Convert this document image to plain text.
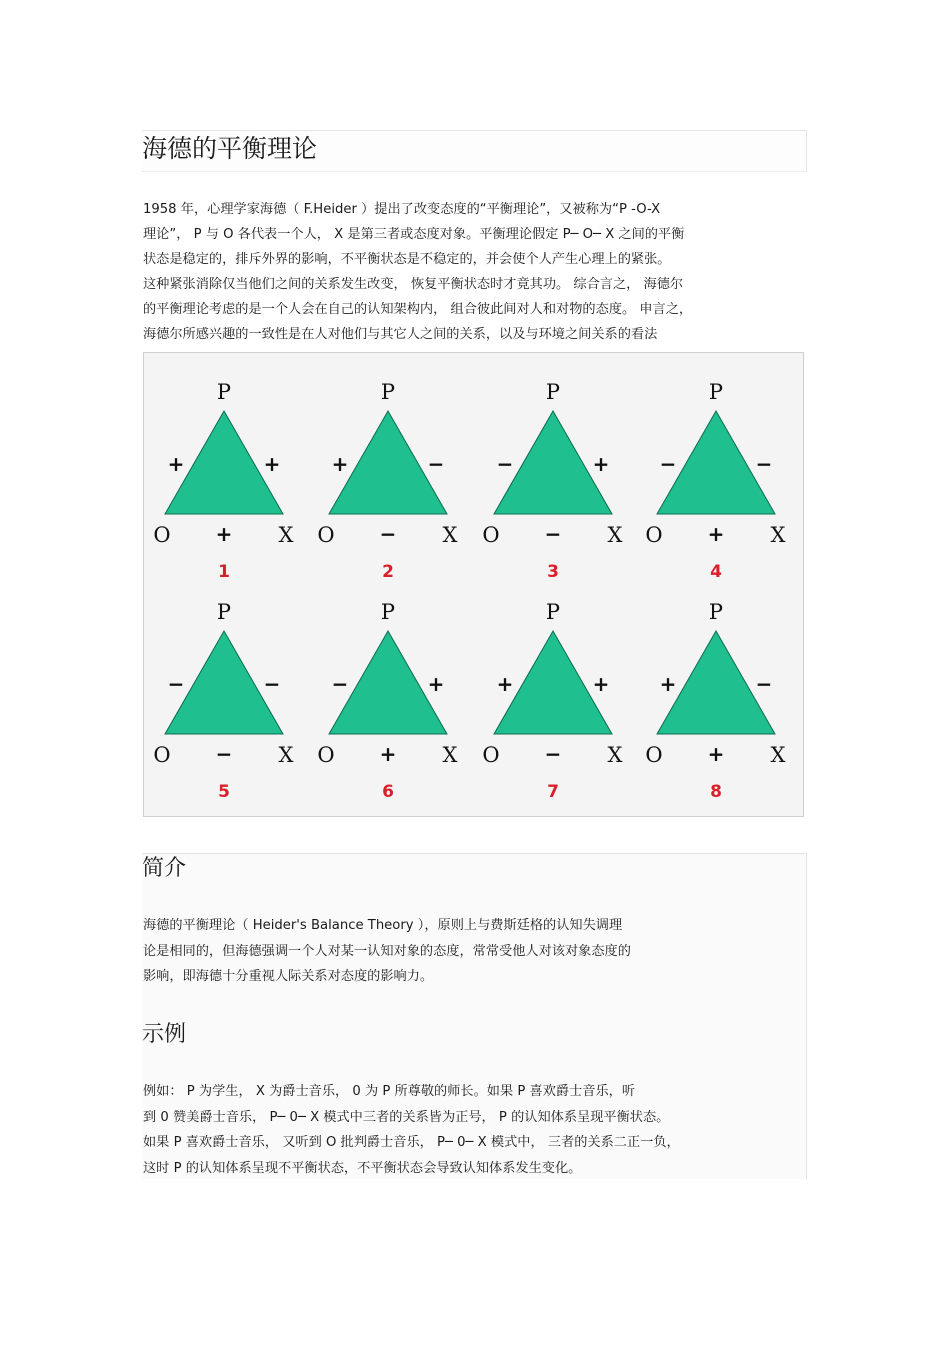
海德的平衡理论
1958 年，心理学家海德（ F.Heider ）提出了改变态度的“平衡理论”，又被称为“P -O-X
理论”， P 与 O 各代表一个人， X 是第三者或态度对象。平衡理论假定 P─ O─ X 之间的平衡
状态是稳定的，排斥外界的影响，不平衡状态是不稳定的，并会使个人产生心理上的紧张。
这种紧张消除仅当他们之间的关系发生改变， 恢复平衡状态时才竟其功。 综合言之， 海德尔
的平衡理论考虑的是一个人会在自己的认知架构内， 组合彼此间对人和对物的态度。 申言之，
海德尔所感兴趣的一致性是在人对他们与其它人之间的关系，以及与环境之间关系的看法
P
O	X
+	+
+
1
P
O	X
+	−
−
2
P
O	X
−	+
−
3
P
O	X
−	−
+
4
P
O	X
−	−
−
5
P
O	X
−	+
+
6
P
O	X
+	+
−
7
P
O	X
+	−
+
8
简介
海德的平衡理论（ Heider's Balance Theory ），原则上与费斯廷格的认知失调理
论是相同的，但海德强调一个人对某一认知对象的态度，常常受他人对该对象态度的
影响，即海德十分重视人际关系对态度的影响力。
示例
例如： P 为学生， X 为爵士音乐， 0 为 P 所尊敬的师长。如果 P 喜欢爵士音乐，听
到 0 赞美爵士音乐， P─ 0─ X 模式中三者的关系皆为正号， P 的认知体系呈现平衡状态。
如果 P 喜欢爵士音乐， 又听到 O 批判爵士音乐， P─ 0─ X 模式中， 三者的关系二正一负，
这时 P 的认知体系呈现不平衡状态，不平衡状态会导致认知体系发生变化。
